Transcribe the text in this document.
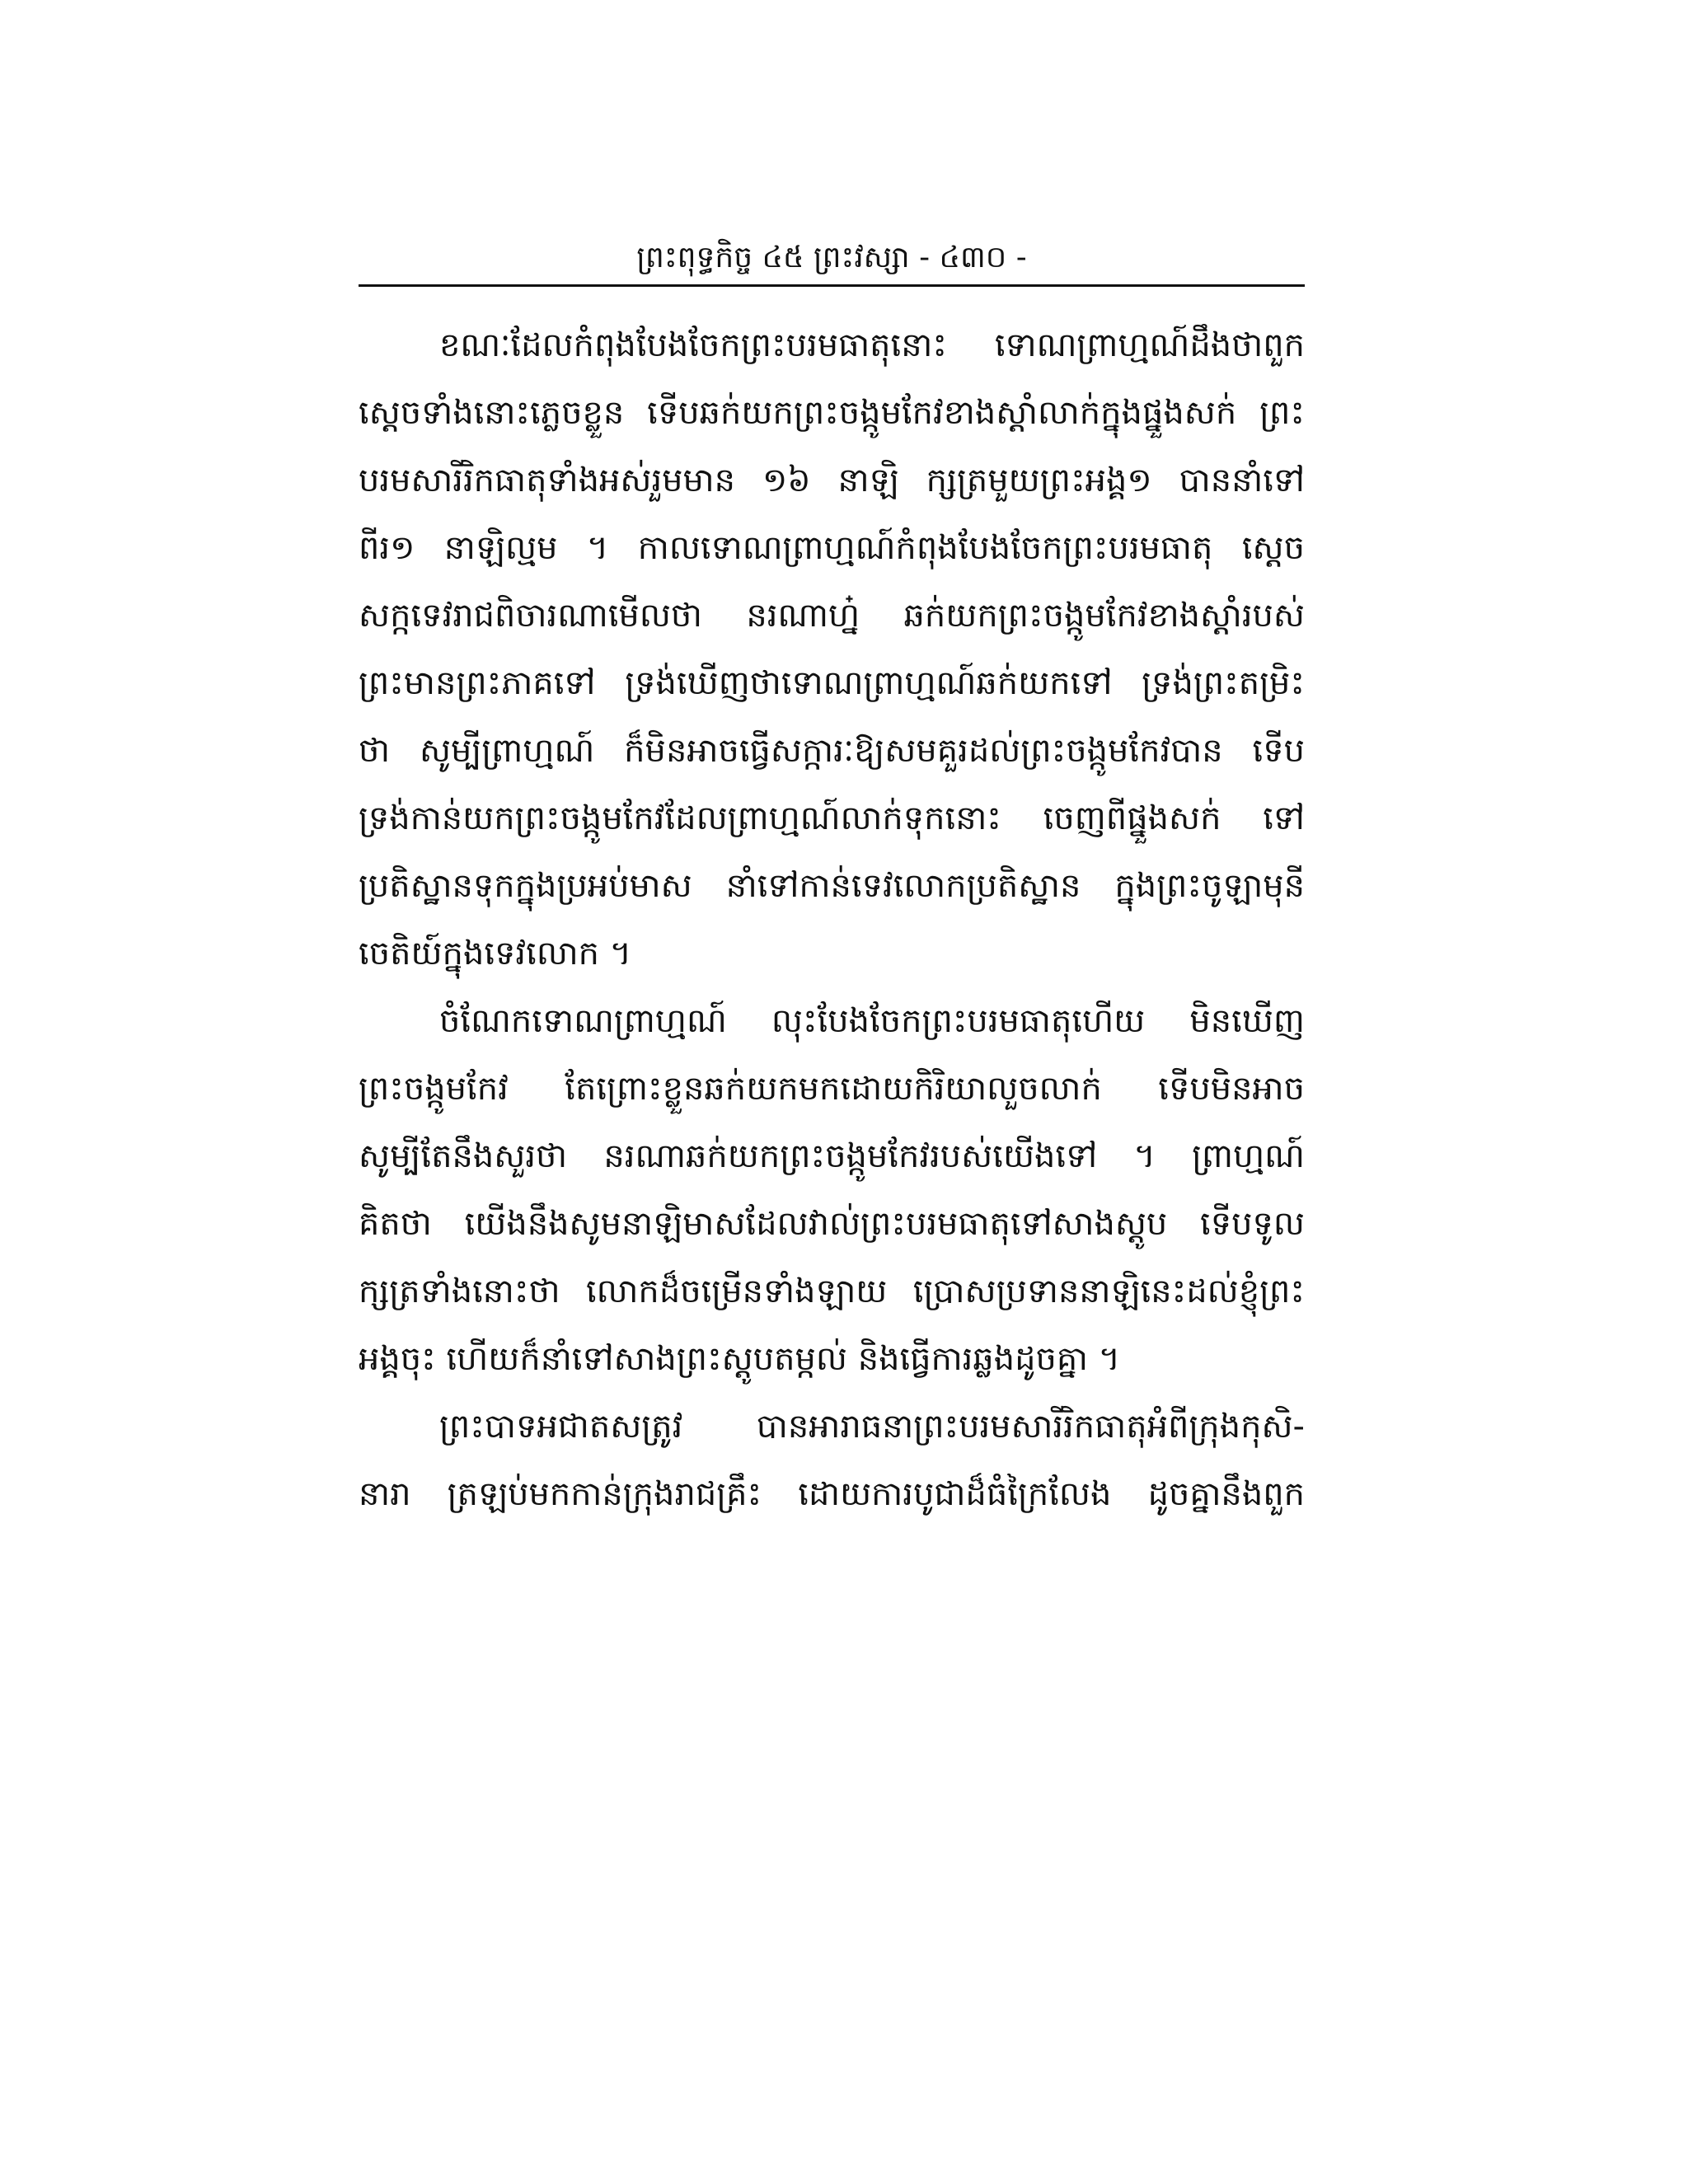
ព្រះពុទ្ធកិច្ច ៤៥ ព្រះវស្សា - ៤៣០ -
ខណៈដែលកំពុងបែងចែកព្រះបរមធាតុនោះ ទោណព្រាហ្មណ៍ដឹងថាពួក
ស្ដេចទាំងនោះភ្លេចខ្លួន ទើបឆក់យកព្រះចង្កូមកែវខាងស្ដាំលាក់ក្នុងផ្នួងសក់ ព្រះ
បរមសារីរិកធាតុទាំងអស់រួមមាន ១៦ នាឡិ ក្សត្រមួយព្រះអង្គ១ បាននាំទៅ
ពីរ១ នាឡិល្មម ។ កាលទោណព្រាហ្មណ៍កំពុងបែងចែកព្រះបរមធាតុ ស្ដេច
សក្កទេវរាជពិចារណាមើលថា នរណាហ្ន៎ ឆក់យកព្រះចង្កូមកែវខាងស្ដាំរបស់
ព្រះមានព្រះភាគទៅ ទ្រង់ឃើញថាទោណព្រាហ្មណ៍ឆក់យកទៅ ទ្រង់ព្រះតម្រិះ
ថា សូម្បីព្រាហ្មណ៍ ក៏មិនអាចធ្វើសក្ការៈឱ្យសមគួរដល់ព្រះចង្កូមកែវបាន ទើប
ទ្រង់កាន់យកព្រះចង្កូមកែវដែលព្រាហ្មណ៍លាក់ទុកនោះ ចេញពីផ្នួងសក់ ទៅ
ប្រតិស្ឋានទុកក្នុងប្រអប់មាស នាំទៅកាន់ទេវលោកប្រតិស្ឋាន ក្នុងព្រះចូឡាមុនី
ចេតិយ៍ក្នុងទេវលោក ។
ចំណែកទោណព្រាហ្មណ៍ លុះបែងចែកព្រះបរមធាតុហើយ មិនឃើញ
ព្រះចង្កូមកែវ តែព្រោះខ្លួនឆក់យកមកដោយកិរិយាលួចលាក់ ទើបមិនអាច
សូម្បីតែនឹងសួរថា នរណាឆក់យកព្រះចង្កូមកែវរបស់យើងទៅ ។ ព្រាហ្មណ៍
គិតថា យើងនឹងសូមនាឡិមាសដែលវាល់ព្រះបរមធាតុទៅសាងស្តូប ទើបទូល
ក្សត្រទាំងនោះថា លោកដ៏ចម្រើនទាំងឡាយ ប្រោសប្រទាននាឡិនេះដល់ខ្ញុំព្រះ
អង្គចុះ ហើយក៏នាំទៅសាងព្រះស្តូបតម្កល់ និងធ្វើការឆ្លងដូចគ្នា ។
ព្រះបាទអជាតសត្រូវ បានអារាធនាព្រះបរមសារីរិកធាតុអំពីក្រុងកុសិ-
នារា ត្រឡប់មកកាន់ក្រុងរាជគ្រឹះ ដោយការបូជាដ៏ធំក្រៃលែង ដូចគ្នានឹងពួក
